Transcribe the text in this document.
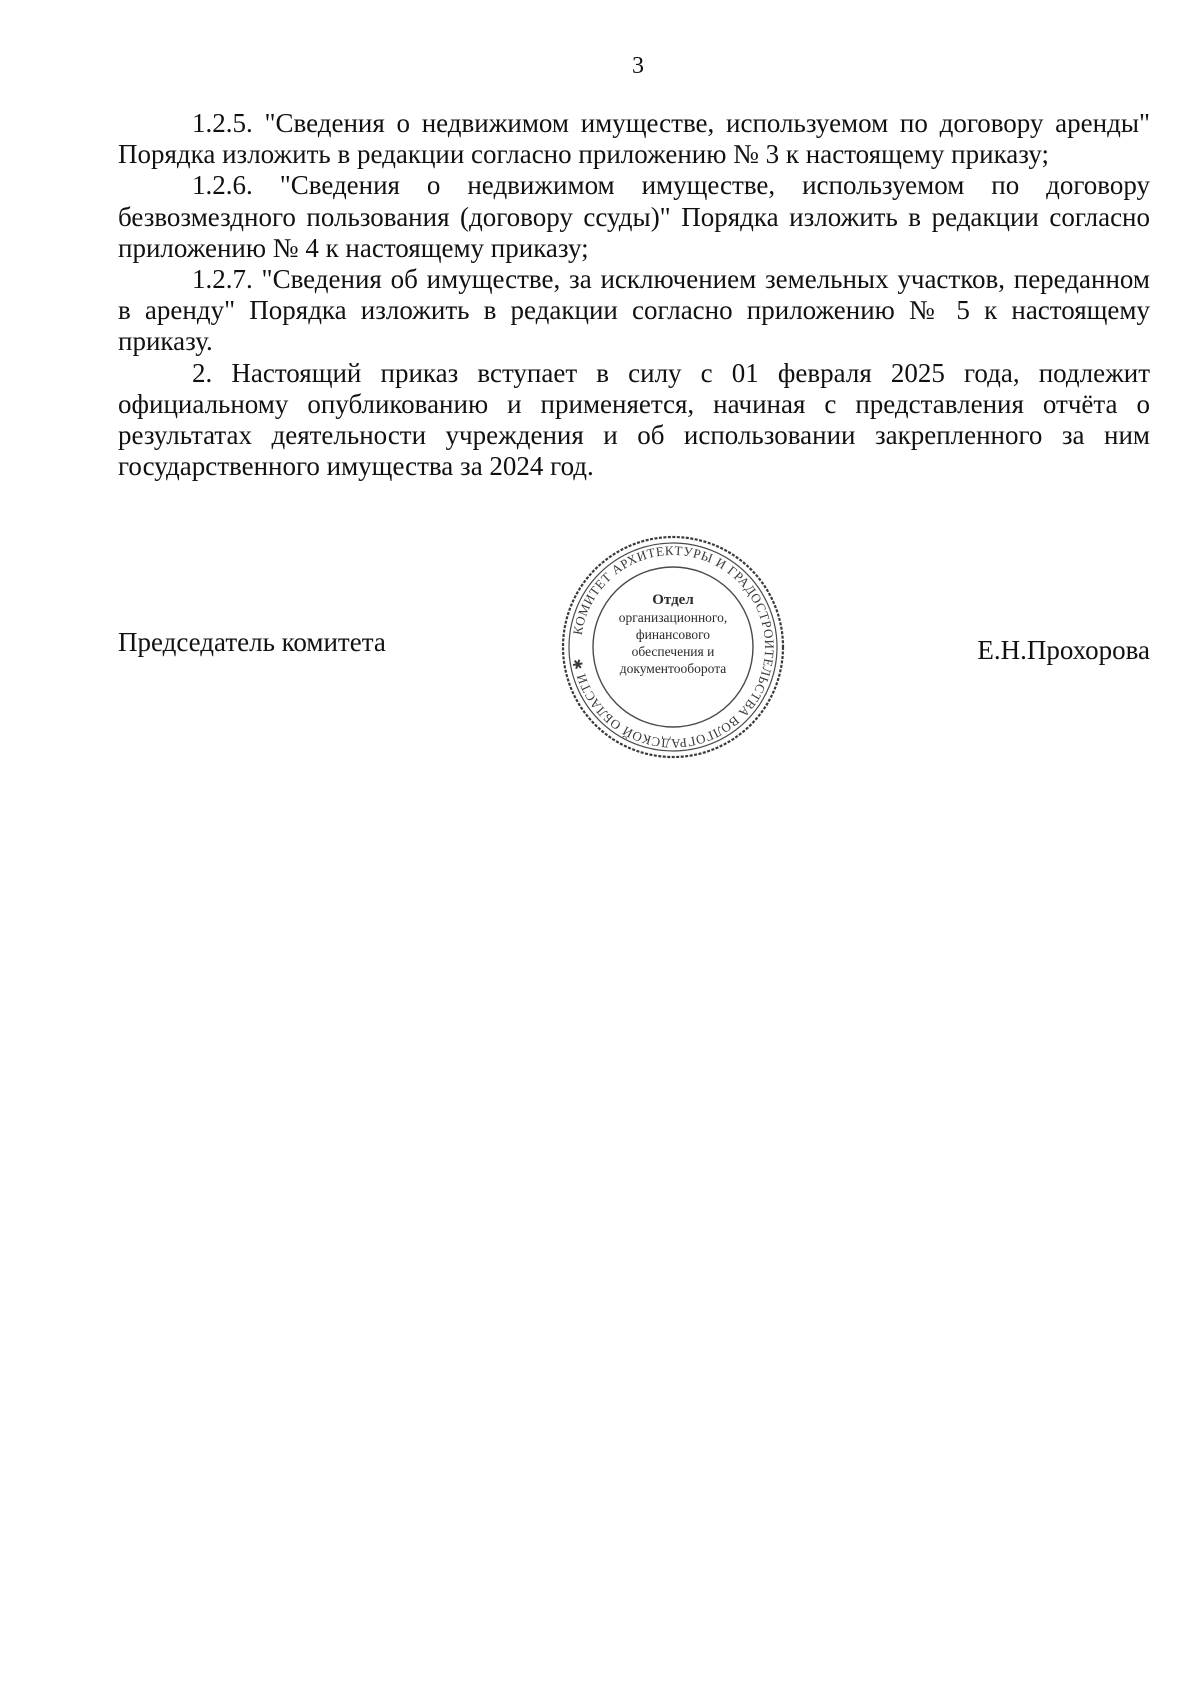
3

1.2.5. "Сведения о недвижимом имуществе, используемом по договору аренды" Порядка изложить в редакции согласно приложению № 3 к настоящему приказу;

1.2.6. "Сведения о недвижимом имуществе, используемом по договору безвозмездного пользования (договору ссуды)" Порядка изложить в редакции согласно приложению № 4 к настоящему приказу;

1.2.7. "Сведения об имуществе, за исключением земельных участков, переданном в аренду" Порядка изложить в редакции согласно приложению № 5 к настоящему приказу.

2. Настоящий приказ вступает в силу с 01 февраля 2025 года, подлежит официальному опубликованию и применяется, начиная с представления отчёта о результатах деятельности учреждения и об использовании закрепленного за ним государственного имущества за 2024 год.

КОМИТЕТ АРХИТЕКТУРЫ И ГРАДОСТРОИТЕЛЬСТВА ВОЛГОГРАДСКОЙ ОБЛАСТИ ✱
Отдел
организационного,
финансового
обеспечения и
документооборота
Председатель комитета	Е.Н.Прохорова
